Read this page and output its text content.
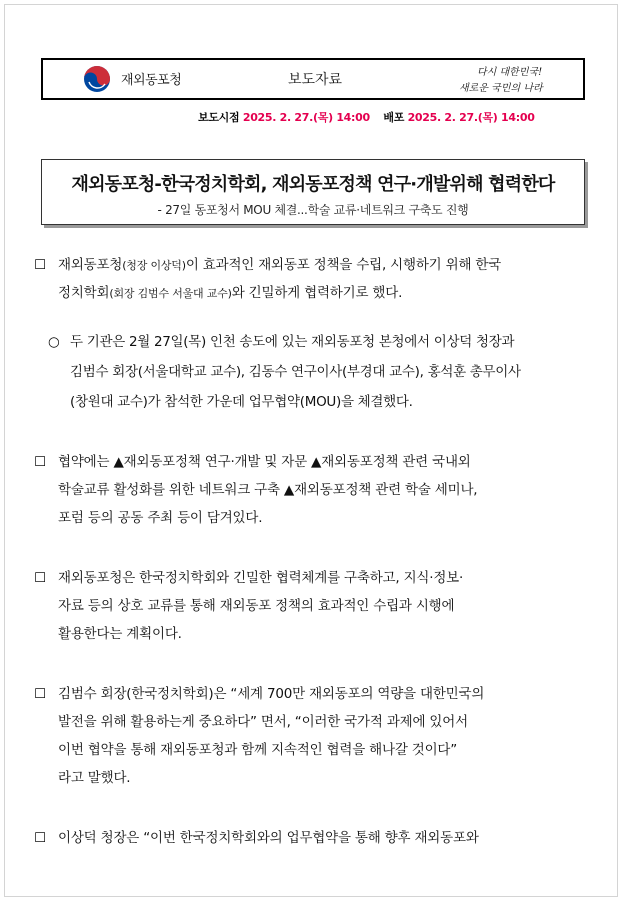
재외동포청	보도자료	다시 대한민국!
새로운 국민의 나라
보도시점 2025. 2. 27.(목) 14:00 배포 2025. 2. 27.(목) 14:00
재외동포청-한국정치학회, 재외동포정책 연구·개발위해 협력한다
- 27일 동포청서 MOU 체결...학술 교류·네트워크 구축도 진행
☐ 재외동포청(청장 이상덕)이 효과적인 재외동포 정책을 수립, 시행하기 위해 한국
정치학회(회장 김범수 서울대 교수)와 긴밀하게 협력하기로 했다.
○ 두 기관은 2월 27일(목) 인천 송도에 있는 재외동포청 본청에서 이상덕 청장과
김범수 회장(서울대학교 교수), 김동수 연구이사(부경대 교수), 홍석훈 총무이사
(창원대 교수)가 참석한 가운데 업무협약(MOU)을 체결했다.
☐ 협약에는 ▲재외동포정책 연구·개발 및 자문 ▲재외동포정책 관련 국내외
학술교류 활성화를 위한 네트워크 구축 ▲재외동포정책 관련 학술 세미나,
포럼 등의 공동 주최 등이 담겨있다.
☐ 재외동포청은 한국정치학회와 긴밀한 협력체계를 구축하고, 지식·정보·
자료 등의 상호 교류를 통해 재외동포 정책의 효과적인 수립과 시행에
활용한다는 계획이다.
☐ 김범수 회장(한국정치학회)은 “세계 700만 재외동포의 역량을 대한민국의
발전을 위해 활용하는게 중요하다” 면서, “이러한 국가적 과제에 있어서
이번 협약을 통해 재외동포청과 함께 지속적인 협력을 해나갈 것이다”
라고 말했다.
☐ 이상덕 청장은 “이번 한국정치학회와의 업무협약을 통해 향후 재외동포와
